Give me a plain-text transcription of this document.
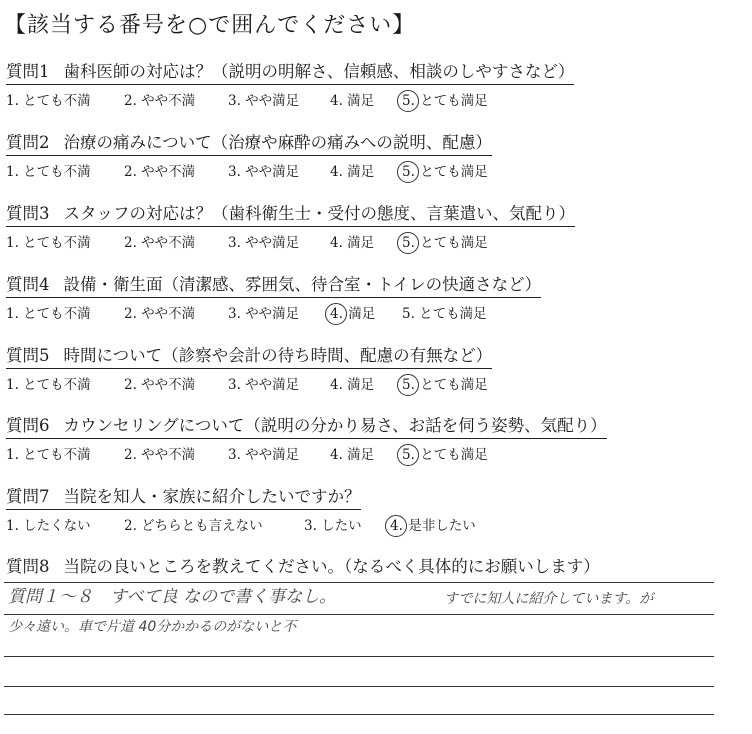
【該当する番号を○で囲んでください】
質問1 歯科医師の対応は？（説明の明解さ、信頼感、相談のしやすさなど）
1. とても不満 2. やや不満 3. やや満足 4. 満足 5. とても満足
質問2 治療の痛みについて（治療や麻酔の痛みへの説明、配慮）
1. とても不満 2. やや不満 3. やや満足 4. 満足 5. とても満足
質問3 スタッフの対応は？（歯科衛生士・受付の態度、言葉遣い、気配り）
1. とても不満 2. やや不満 3. やや満足 4. 満足 5. とても満足
質問4 設備・衛生面（清潔感、雰囲気、待合室・トイレの快適さなど）
1. とても不満 2. やや不満 3. やや満足 4. 満足 5. とても満足
質問5 時間について（診察や会計の待ち時間、配慮の有無など）
1. とても不満 2. やや不満 3. やや満足 4. 満足 5. とても満足
質問6 カウンセリングについて（説明の分かり易さ、お話を伺う姿勢、気配り）
1. とても不満 2. やや不満 3. やや満足 4. 満足 5. とても満足
質問7 当院を知人・家族に紹介したいですか？
1. したくない 2. どちらとも言えない	3. したい 4. 是非したい
質問8 当院の良いところを教えてください。（なるべく具体的にお願いします）
質問１～８　すべて良 なので書く事なし。	すでに知人に紹介しています。が
少々遠い。車で片道 40分かかるのがないと不
